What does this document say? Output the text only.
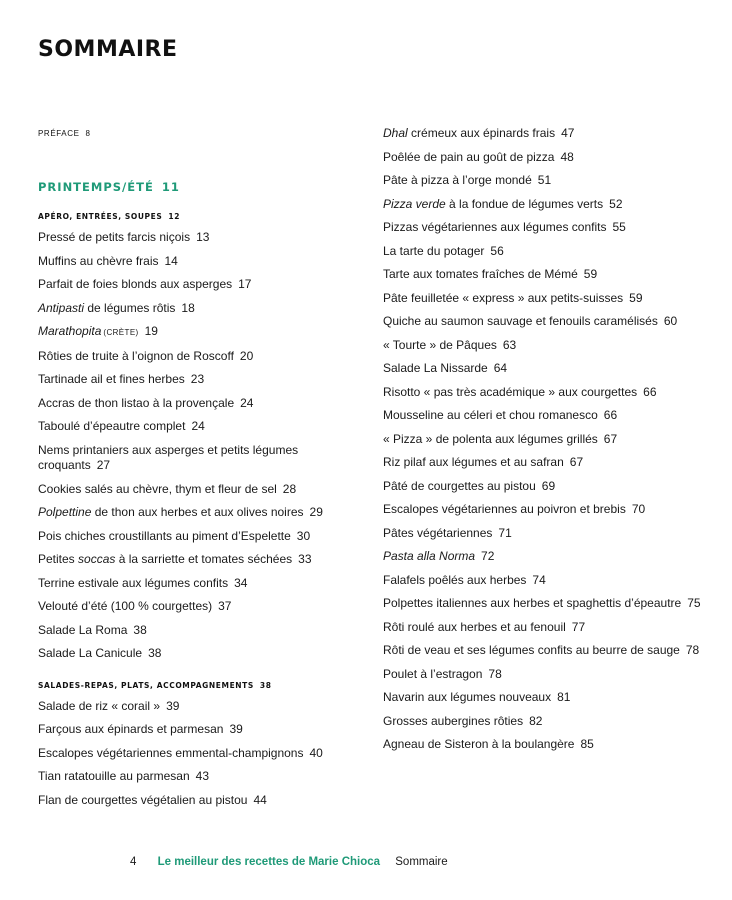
SOMMAIRE
PRÉFACE 8
PRINTEMPS/ÉTÉ 11
APÉRO, ENTRÉES, SOUPES 12
Pressé de petits farcis niçois 13
Muffins au chèvre frais 14
Parfait de foies blonds aux asperges 17
Antipasti de légumes rôtis 18
Marathopita (CRÈTE) 19
Rôties de truite à l’oignon de Roscoff 20
Tartinade ail et fines herbes 23
Accras de thon listao à la provençale 24
Taboulé d’épeautre complet 24
Nems printaniers aux asperges et petits légumes croquants 27
Cookies salés au chèvre, thym et fleur de sel 28
Polpettine de thon aux herbes et aux olives noires 29
Pois chiches croustillants au piment d’Espelette 30
Petites soccas à la sarriette et tomates séchées 33
Terrine estivale aux légumes confits 34
Velouté d’été (100 % courgettes) 37
Salade La Roma 38
Salade La Canicule 38
SALADES-REPAS, PLATS, ACCOMPAGNEMENTS 38
Salade de riz « corail » 39
Farçous aux épinards et parmesan 39
Escalopes végétariennes emmental-champignons 40
Tian ratatouille au parmesan 43
Flan de courgettes végétalien au pistou 44
Dhal crémeux aux épinards frais 47
Poêlée de pain au goût de pizza 48
Pâte à pizza à l’orge mondé 51
Pizza verde à la fondue de légumes verts 52
Pizzas végétariennes aux légumes confits 55
La tarte du potager 56
Tarte aux tomates fraîches de Mémé 59
Pâte feuilletée « express » aux petits-suisses 59
Quiche au saumon sauvage et fenouils caramélisés 60
« Tourte » de Pâques 63
Salade La Nissarde 64
Risotto « pas très académique » aux courgettes 66
Mousseline au céleri et chou romanesco 66
« Pizza » de polenta aux légumes grillés 67
Riz pilaf aux légumes et au safran 67
Pâté de courgettes au pistou 69
Escalopes végétariennes au poivron et brebis 70
Pâtes végétariennes 71
Pasta alla Norma 72
Falafels poêlés aux herbes 74
Polpettes italiennes aux herbes et spaghettis d’épeautre 75
Rôti roulé aux herbes et au fenouil 77
Rôti de veau et ses légumes confits au beurre de sauge 78
Poulet à l’estragon 78
Navarin aux légumes nouveaux 81
Grosses aubergines rôties 82
Agneau de Sisteron à la boulangère 85
4 Le meilleur des recettes de Marie Chioca Sommaire
